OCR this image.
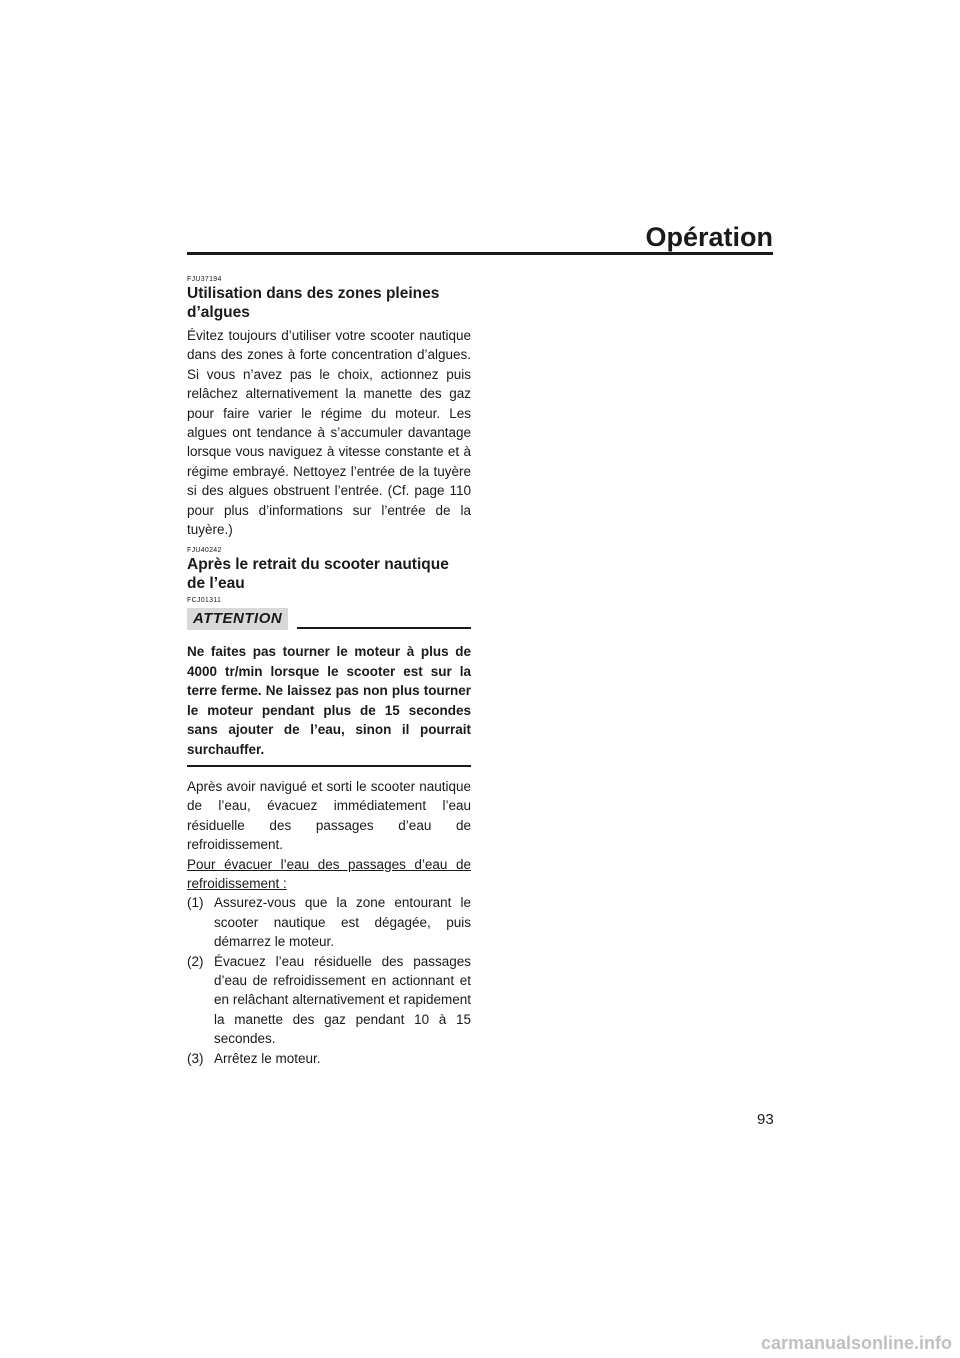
Opération
FJU37194
Utilisation dans des zones pleines d’algues

Évitez toujours d’utiliser votre scooter nautique dans des zones à forte concentration d’algues. Si vous n’avez pas le choix, actionnez puis relâchez alternativement la manette des gaz pour faire varier le régime du moteur. Les algues ont tendance à s’accumuler davantage lorsque vous naviguez à vitesse constante et à régime embrayé. Nettoyez l’entrée de la tuyère si des algues obstruent l’entrée. (Cf. page 110 pour plus d’informations sur l’entrée de la tuyère.)

FJU40242
Après le retrait du scooter nautique de l’eau
FCJ01311
ATTENTION

Ne faites pas tourner le moteur à plus de 4000 tr/min lorsque le scooter est sur la terre ferme. Ne laissez pas non plus tourner le moteur pendant plus de 15 secondes sans ajouter de l’eau, sinon il pourrait surchauffer.

Après avoir navigué et sorti le scooter nautique de l’eau, évacuez immédiatement l’eau résiduelle des passages d’eau de refroidissement.

Pour évacuer l’eau des passages d’eau de refroidissement :

(1) Assurez-vous que la zone entourant le scooter nautique est dégagée, puis démarrez le moteur.
(2) Évacuez l’eau résiduelle des passages d’eau de refroidissement en actionnant et en relâchant alternativement et rapidement la manette des gaz pendant 10 à 15 secondes.
(3) Arrêtez le moteur.
93
carmanualsonline.info
